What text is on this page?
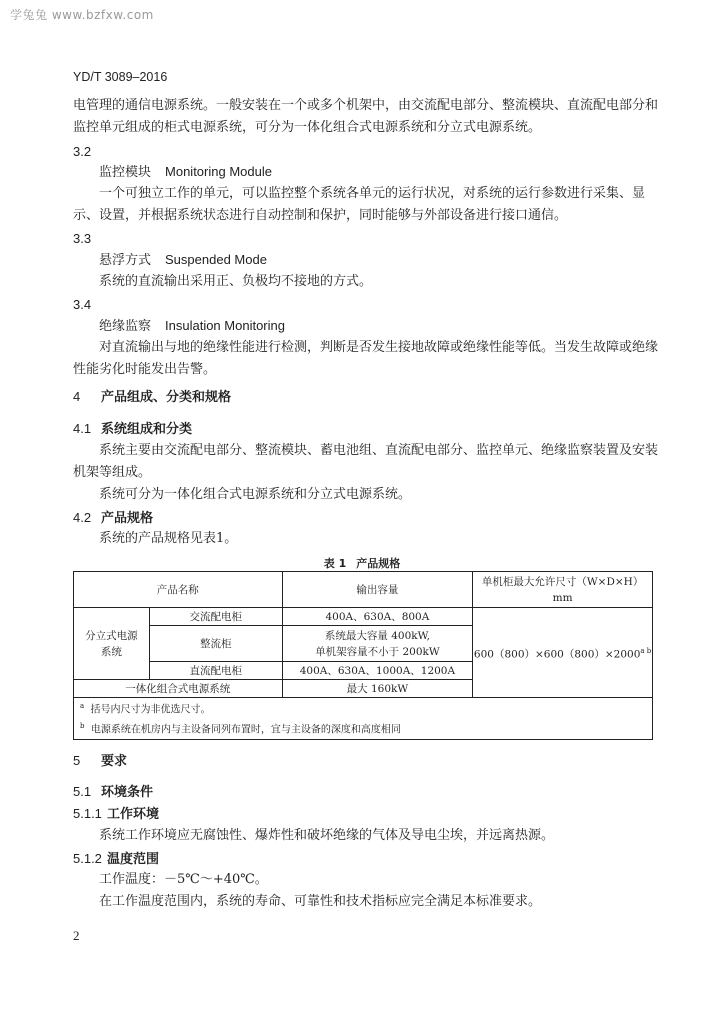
学兔兔 www.bzfxw.com
YD/T 3089–2016
电管理的通信电源系统。一般安装在一个或多个机架中，由交流配电部分、整流模块、直流配电部分和
监控单元组成的柜式电源系统，可分为一体化组合式电源系统和分立式电源系统。
3.2
监控模块 Monitoring Module
一个可独立工作的单元，可以监控整个系统各单元的运行状况，对系统的运行参数进行采集、显
示、设置，并根据系统状态进行自动控制和保护，同时能够与外部设备进行接口通信。
3.3
悬浮方式 Suspended Mode
系统的直流输出采用正、负极均不接地的方式。
3.4
绝缘监察 Insulation Monitoring
对直流输出与地的绝缘性能进行检测，判断是否发生接地故障或绝缘性能等低。当发生故障或绝缘
性能劣化时能发出告警。
4 产品组成、分类和规格
4.1 系统组成和分类
系统主要由交流配电部分、整流模块、蓄电池组、直流配电部分、监控单元、绝缘监察装置及安装
机架等组成。
系统可分为一体化组合式电源系统和分立式电源系统。
4.2 产品规格
系统的产品规格见表1。
表 1 产品规格
产品名称		输出容量	单机柜最大允许尺寸（W×D×H）
mm

分立式电源
系统	交流配电柜	400A、630A、800A	$600(800)\times 600(800)\times 2000^{a b}$
	整流柜	系统最大容量 400kW,
单机架容量不小于 200kW	

	直流配电柜	400A、630A、1000A、1200A	
一体化组合式电源系统		最大 160kW	
$^a$ 括号内尺寸为非优选尺寸。			
$^b$ 电源系统在机房内与主设备同列布置时，宜与主设备的深度和高度相同			
5 要求
5.1 环境条件
5.1.1 工作环境
系统工作环境应无腐蚀性、爆炸性和破坏绝缘的气体及导电尘埃，并远离热源。
5.1.2 温度范围
工作温度：－5℃～+40℃。
在工作温度范围内，系统的寿命、可靠性和技术指标应完全满足本标准要求。
2
